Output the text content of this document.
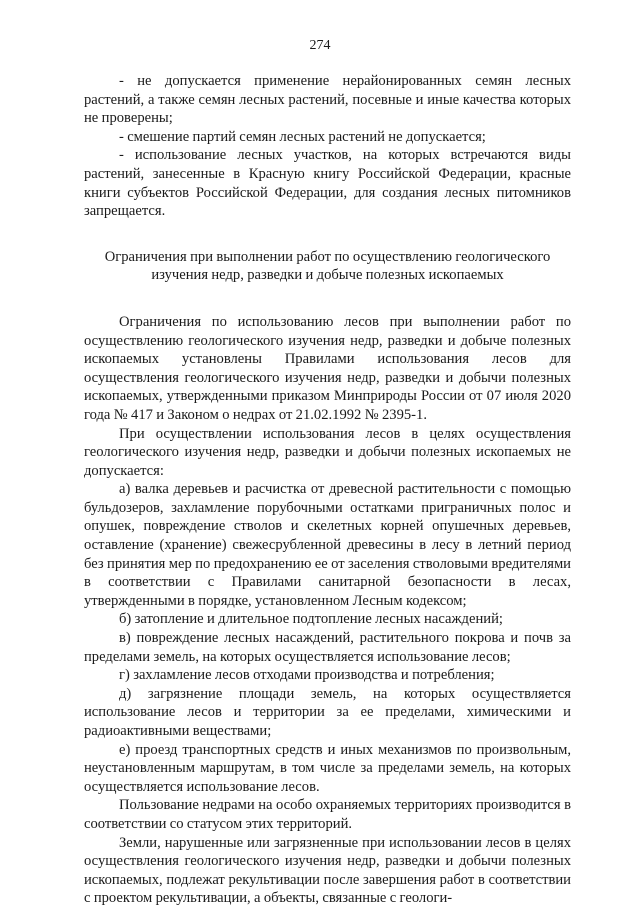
274

- не допускается применение нерайонированных семян лесных растений, а также семян лесных растений, посевные и иные качества которых не проверены;

- смешение партий семян лесных растений не допускается;

- использование лесных участков, на которых встречаются виды растений, занесенные в Красную книгу Российской Федерации, красные книги субъектов Российской Федерации, для создания лесных питомников запрещается.

Ограничения при выполнении работ по осуществлению геологического
изучения недр, разведки и добыче полезных ископаемых

Ограничения по использованию лесов при выполнении работ по осуществлению геологического изучения недр, разведки и добыче полезных ископаемых установлены Правилами использования лесов для осуществления геологического изучения недр, разведки и добычи полезных ископаемых, утвержденными приказом Минприроды России от 07 июля 2020 года № 417 и Законом о недрах от 21.02.1992 № 2395-1.

При осуществлении использования лесов в целях осуществления геологического изучения недр, разведки и добычи полезных ископаемых не допускается:

а) валка деревьев и расчистка от древесной растительности с помощью бульдозеров, захламление порубочными остатками приграничных полос и опушек, повреждение стволов и скелетных корней опушечных деревьев, оставление (хранение) свежесрубленной древесины в лесу в летний период без принятия мер по предохранению ее от заселения стволовыми вредителями в соответствии с Правилами санитарной безопасности в лесах, утвержденными в порядке, установленном Лесным кодексом;

б) затопление и длительное подтопление лесных насаждений;

в) повреждение лесных насаждений, растительного покрова и почв за пределами земель, на которых осуществляется использование лесов;

г) захламление лесов отходами производства и потребления;

д) загрязнение площади земель, на которых осуществляется использование лесов и территории за ее пределами, химическими и радиоактивными веществами;

е) проезд транспортных средств и иных механизмов по произвольным, неустановленным маршрутам, в том числе за пределами земель, на которых осуществляется использование лесов.

Пользование недрами на особо охраняемых территориях производится в соответствии со статусом этих территорий.

Земли, нарушенные или загрязненные при использовании лесов в целях осуществления геологического изучения недр, разведки и добычи полезных ископаемых, подлежат рекультивации после завершения работ в соответствии с проектом рекультивации, а объекты, связанные с геологи-
